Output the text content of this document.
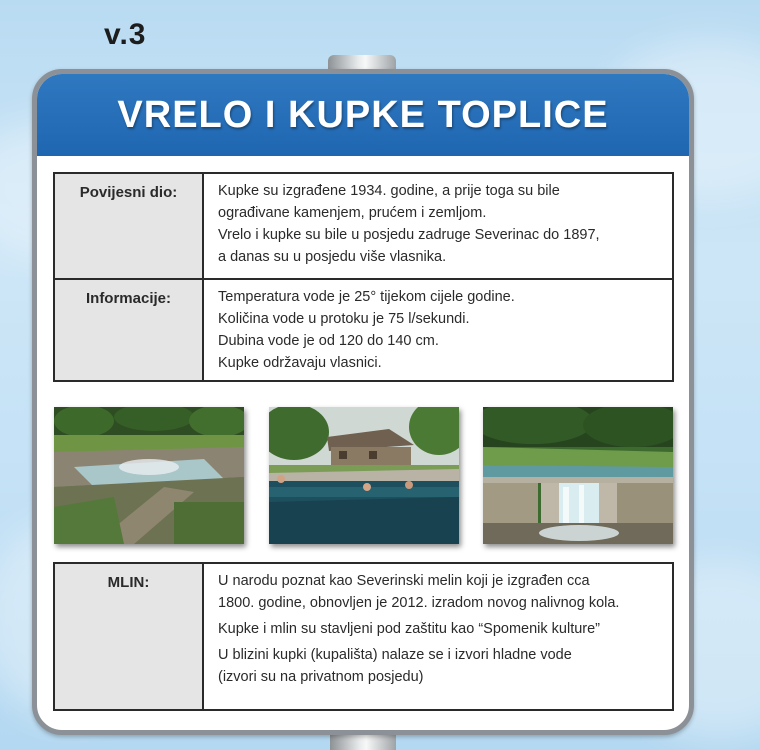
v.3
VRELO I KUPKE TOPLICE
Povijesni dio:	Kupke su izgrađene 1934. godine, a prije toga su bile
ograđivane kamenjem, prućem i zemljom.
Vrelo i kupke su bile u posjedu zadruge Severinac do 1897,
a danas su u posjedu više vlasnika.

Informacije:	Temperatura vode je 25° tijekom cijele godine.
Količina vode u protoku je 75 l/sekundi.
Dubina vode je od 120 do 140 cm.
Kupke održavaju vlasnici.
MLIN:	U narodu poznat kao Severinski melin koji je izgrađen cca
1800. godine, obnovljen je 2012. izradom novog nalivnog kola.
Kupke i mlin su stavljeni pod zaštitu kao “Spomenik kulture”
U blizini kupki (kupališta) nalaze se i izvori hladne vode
(izvori su na privatnom posjedu)
